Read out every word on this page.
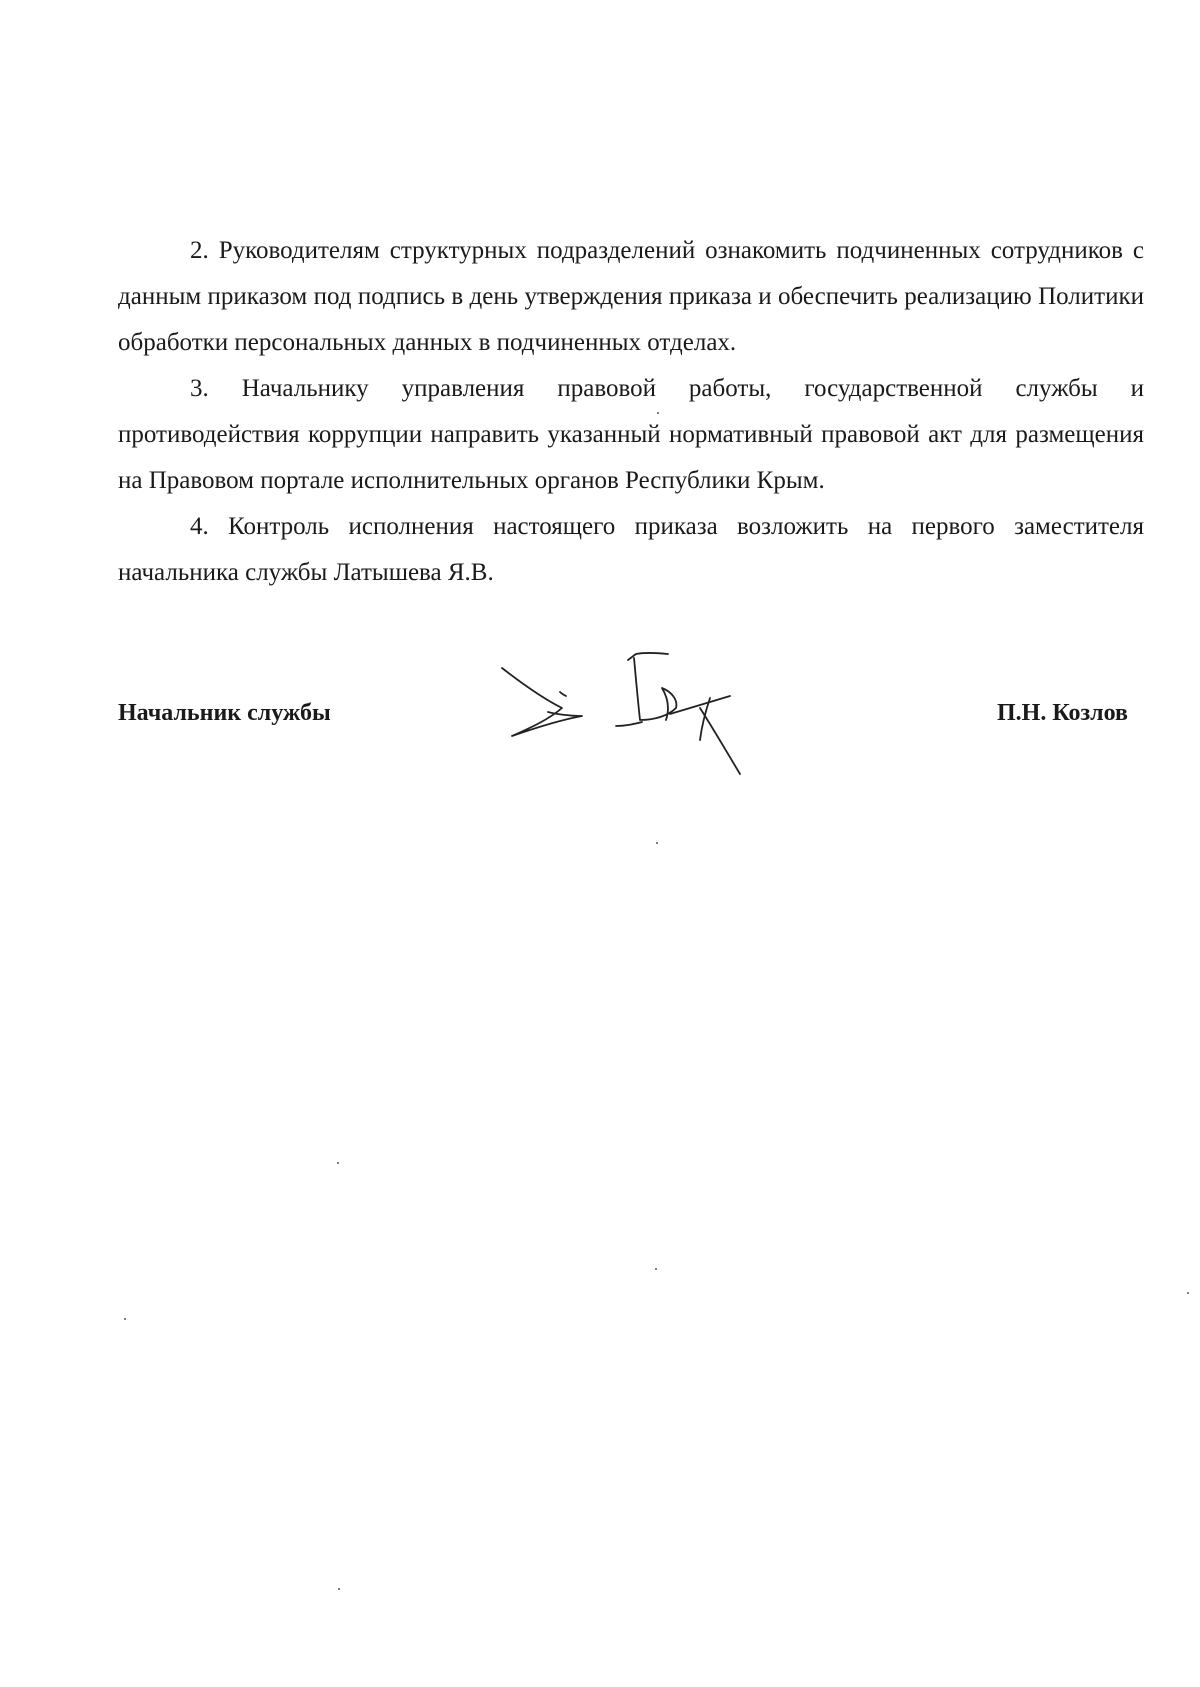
2. Руководителям структурных подразделений ознакомить подчиненных сотрудников с данным приказом под подпись в день утверждения приказа и обеспечить реализацию Политики обработки персональных данных в подчиненных отделах.

3. Начальнику управления правовой работы, государственной службы и противодействия коррупции направить указанный нормативный правовой акт для размещения на Правовом портале исполнительных органов Республики Крым.

4. Контроль исполнения настоящего приказа возложить на первого заместителя начальника службы Латышева Я.В.

Начальник службы	П.Н. Козлов
